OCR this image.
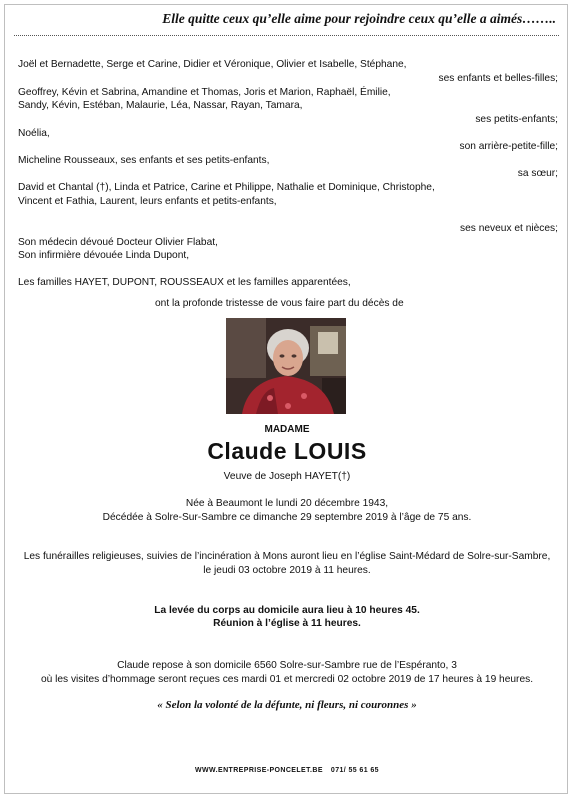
Elle quitte ceux qu’elle aime pour rejoindre ceux qu’elle a aimés……..
Joël et Bernadette, Serge et Carine, Didier et Véronique, Olivier et Isabelle, Stéphane,
ses enfants et belles-filles;
Geoffrey, Kévin et Sabrina, Amandine et Thomas, Joris et Marion, Raphaël, Émilie,
Sandy, Kévin, Estéban, Malaurie, Léa, Nassar, Rayan, Tamara,
ses petits-enfants;
Noélia,
son arrière-petite-fille;
Micheline Rousseaux, ses enfants et ses petits-enfants,
sa sœur;
David et Chantal (†), Linda et Patrice, Carine et Philippe, Nathalie et Dominique, Christophe,
Vincent et Fathia, Laurent, leurs enfants et petits-enfants,
ses neveux et nièces;
Son médecin dévoué Docteur Olivier Flabat,
Son infirmière dévouée Linda Dupont,
Les familles HAYET, DUPONT, ROUSSEAUX et les familles apparentées,
ont la profonde tristesse de vous faire part du décès de
MADAME
Claude LOUIS
Veuve de Joseph HAYET(†)
Née à Beaumont le lundi 20 décembre 1943,
Décédée à Solre-Sur-Sambre ce dimanche 29 septembre 2019 à l’âge de 75 ans.
Les funérailles religieuses, suivies de l’incinération à Mons auront lieu en l’église Saint-Médard de Solre-sur-Sambre,
le jeudi 03 octobre 2019 à 11 heures.
La levée du corps au domicile aura lieu à 10 heures 45.
Réunion à l’église à 11 heures.
Claude repose à son domicile 6560 Solre-sur-Sambre rue de l’Espéranto, 3
où les visites d’hommage seront reçues ces mardi 01 et mercredi 02 octobre 2019 de 17 heures à 19 heures.
« Selon la volonté de la défunte, ni fleurs, ni couronnes »
WWW.ENTREPRISE-PONCELET.BE 071/ 55 61 65
